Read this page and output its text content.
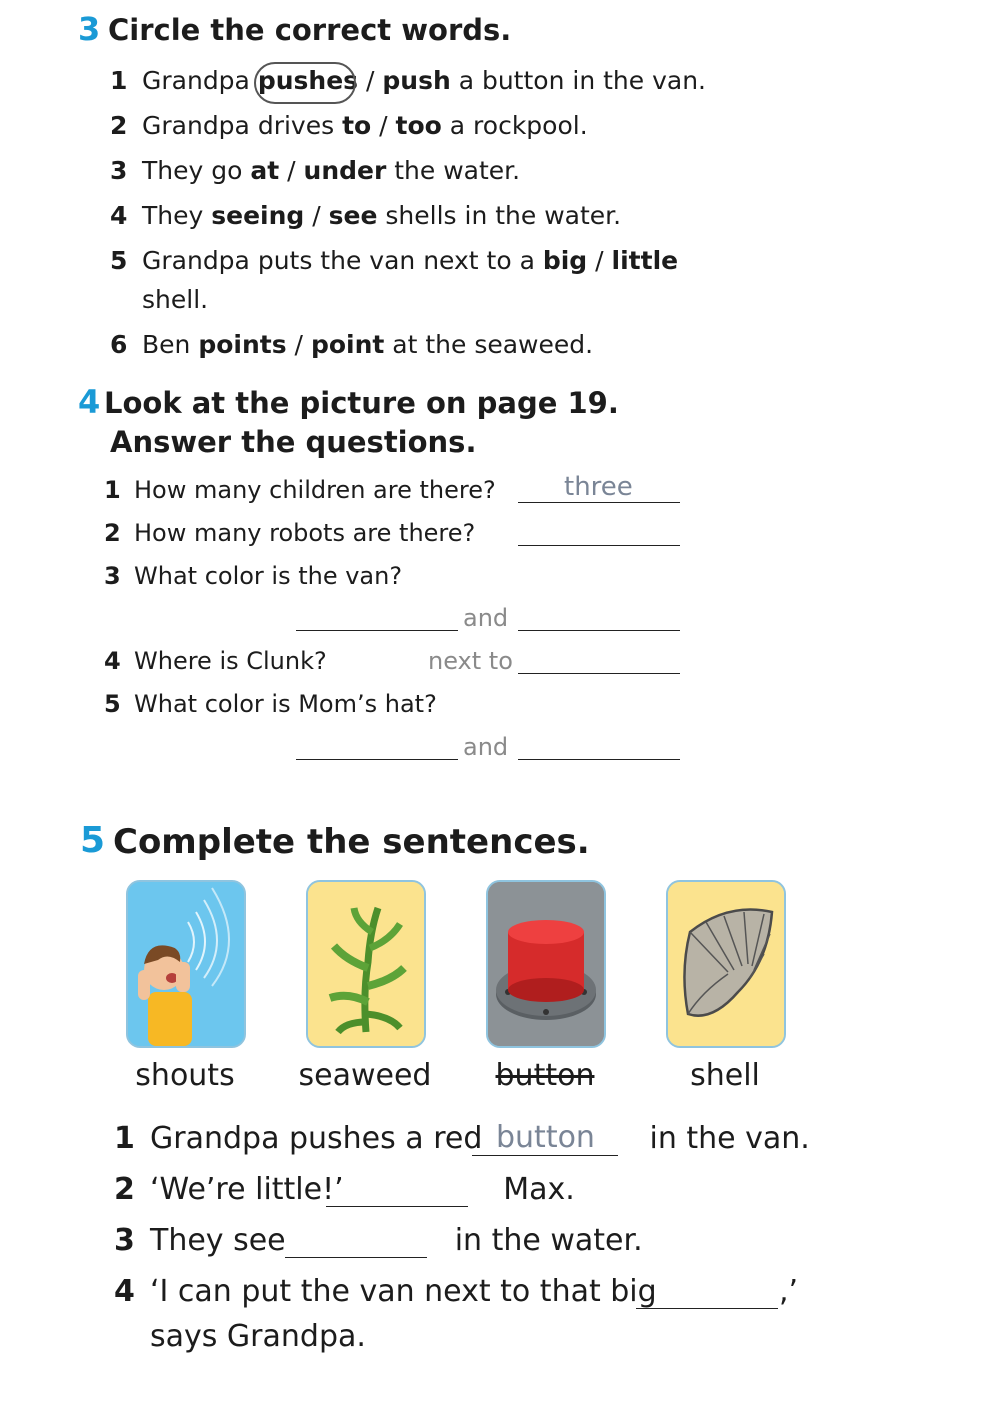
3 Circle the correct words.
1 Grandpa pushes / push a button in the van.
2 Grandpa drives to / too a rockpool.
3 They go at / under the water.
4 They seeing / see shells in the water.
5 Grandpa puts the van next to a big / little
shell.
6 Ben points / point at the seaweed.
4 Look at the picture on page 19.
Answer the questions.
1 How many children are there?	three
2 How many robots are there?
3 What color is the van?
and
4 Where is Clunk?	next to
5 What color is Mom’s hat?
and
5 Complete the sentences.
shouts	seaweed	button	shell
1 Grandpa pushes a red	in the van.
button
2 ‘We’re little!’	Max.
3 They see	in the water.
4 ‘I can put the van next to that big	,’
says Grandpa.
